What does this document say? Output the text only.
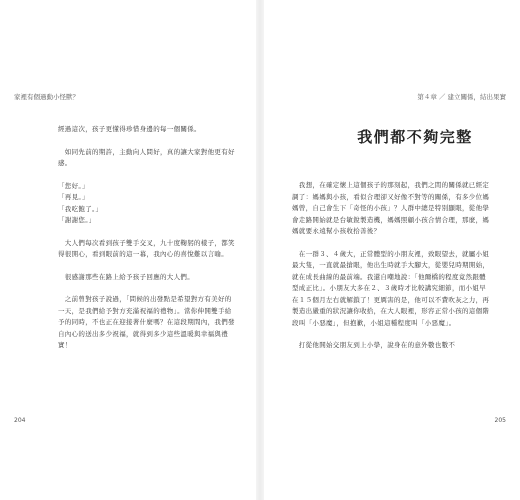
家裡有個過動小怪獸？

經過這次，孩子更懂得珍惜身邊的每一個關係。

　如同先前的期許，主動向人問好，真的讓大家對他更有好感。

「您好。」

「再見。」

「我吃飽了。」

「謝謝您。」

　大人們每次看到孩子雙手交叉，九十度鞠躬的樣子，都笑得很開心，看到眼前的這一幕，我內心的喜悅難以言喻。

　很感謝那些在路上給予孩子回應的大人們。

　之前曾對孩子說過，「問候的出發點是希望對方有美好的一天，是我們給予對方充滿祝福的禮物」。當你伸開雙手給予的同時，不也正在迎接著什麼嗎？在這段期間內，我們發自內心的送出多少祝福，就得到多少這些溫暖與幸福與禮實！

204
第４章 ／ 建立關係，結出果實
我們都不夠完整

　我想，在確定懷上這個孩子的那刻起，我們之間的關係就已經定調了：媽媽與小孩，看似合理卻又好像不對等的關係，有多少位媽媽曾，自己會生下「奇怪的小孩」？人群中總是特別顯眼，從他學會走路開始就是台敏銳製造機，媽媽照顧小孩合情合理，那麼，媽媽就要永遠幫小孩收拾善後？

　在一群３、４歲大，正常體型的小朋友裡，致眼望去，就屬小姐最大隻，一直就最搶眼，他出生時就手大腳大，從嬰兒時期開始，就在成長曲線的最前端。我還自嘲地說：「他爾橋的程度竟然跟體型成正比」。小朋友大多在２、３歲時才比較講究細節，而小姐早在１５個月左右就解鎖了！更厲害的是，他可以不費吹灰之力，再製造出嚴重的狀況讓你收拾，在大人眼裡，形容正常小孩的這個階段叫「小惡魔」，但抱歉，小姐這種程度叫「小惡魔」。

　打從他開始交朋友到上小學，說身在的意外數也數不

205
